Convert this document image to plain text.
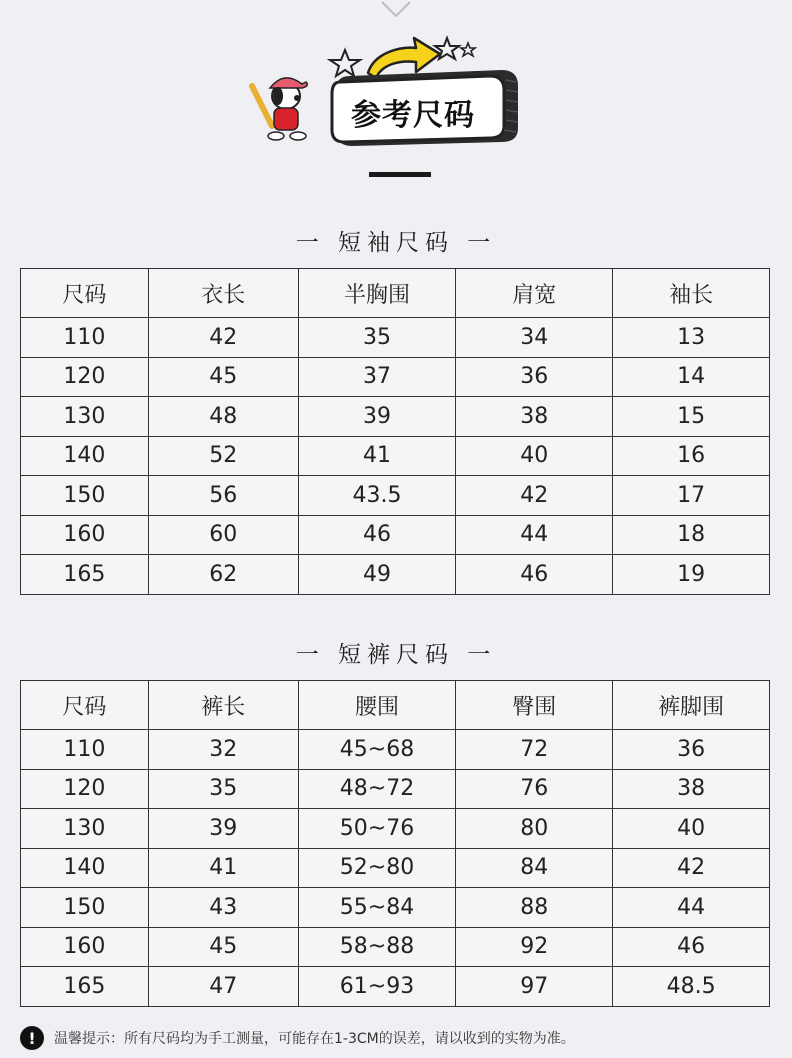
参考尺码
一 短袖尺码 一
尺码	衣长	半胸围	肩宽	袖长
110	42	35	34	13
120	45	37	36	14
130	48	39	38	15
140	52	41	40	16
150	56	43.5	42	17
160	60	46	44	18
165	62	49	46	19
一 短裤尺码 一
尺码	裤长	腰围	臀围	裤脚围
110	32	45~68	72	36
120	35	48~72	76	38
130	39	50~76	80	40
140	41	52~80	84	42
150	43	55~84	88	44
160	45	58~88	92	46
165	47	61~93	97	48.5
!	温馨提示：所有尺码均为手工测量，可能存在1-3CM的误差，请以收到的实物为准。
